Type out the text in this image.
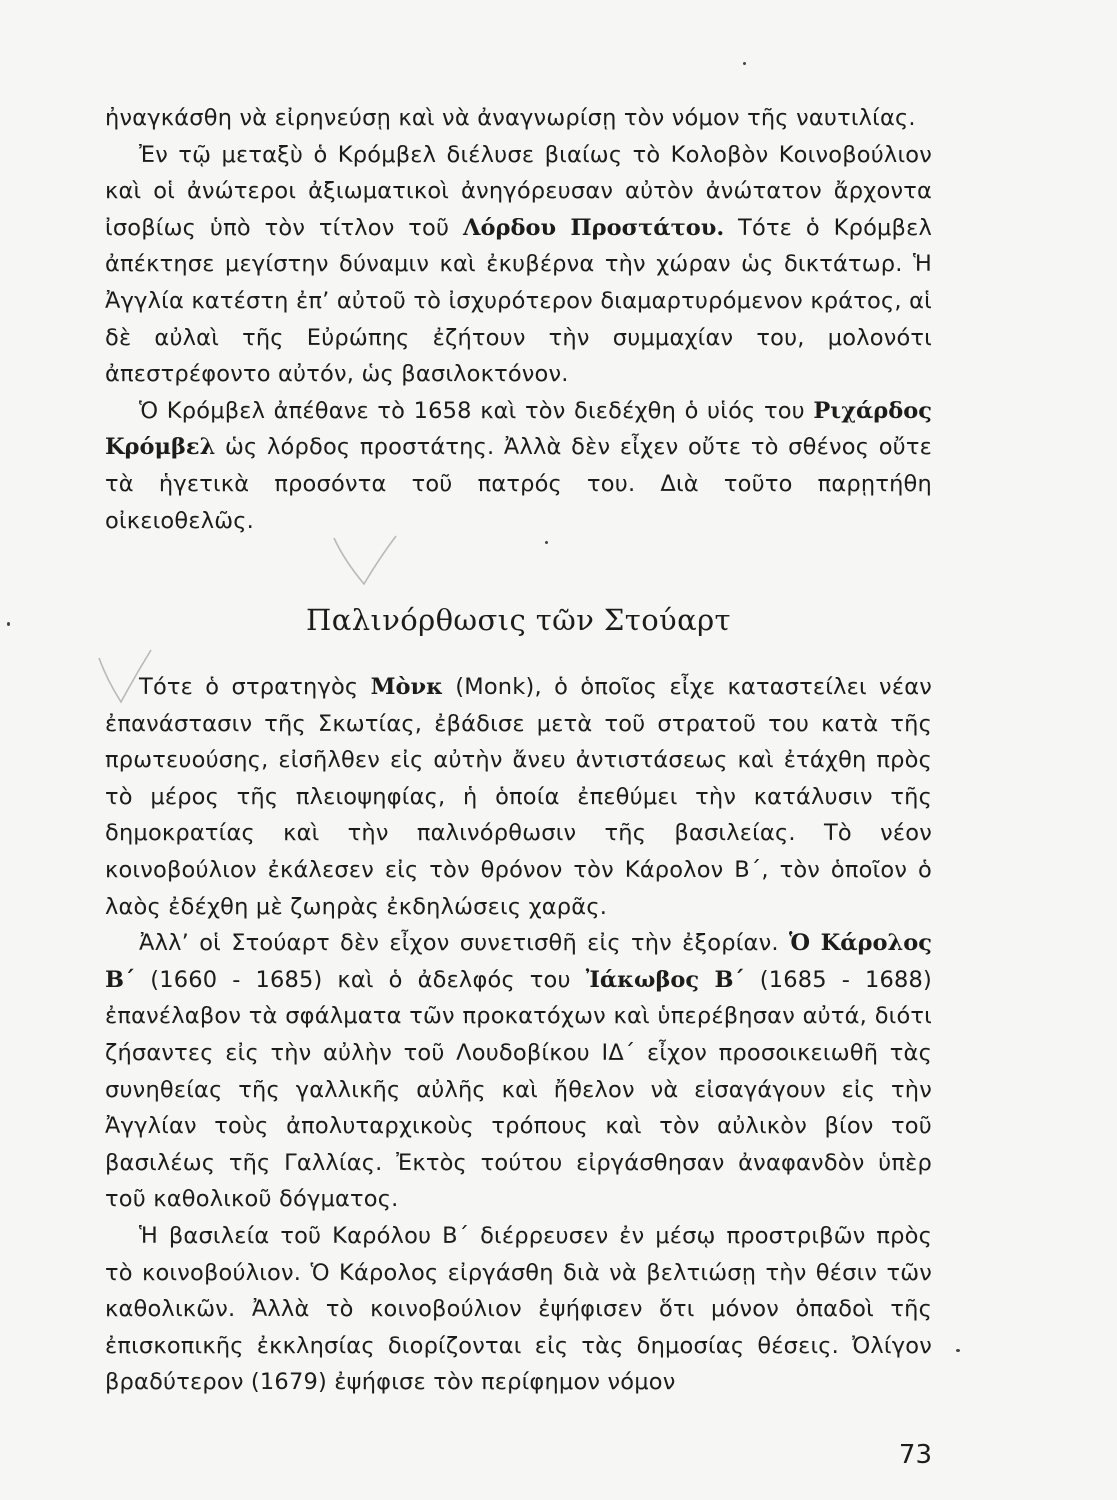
ἠναγκάσθη νὰ εἰρηνεύσῃ καὶ νὰ ἀναγνωρίσῃ τὸν νόμον τῆς ναυτιλίας.

Ἐν τῷ μεταξὺ ὁ Κρόμβελ διέλυσε βιαίως τὸ Κολοβὸν Κοινοβούλιον καὶ οἱ ἀνώτεροι ἀξιωματικοὶ ἀνηγόρευσαν αὐτὸν ἀνώτατον ἄρχοντα ἰσοβίως ὑπὸ τὸν τίτλον τοῦ Λόρδου Προστάτου. Τότε ὁ Κρόμβελ ἀπέκτησε μεγίστην δύναμιν καὶ ἐκυβέρνα τὴν χώραν ὡς δικτάτωρ. Ἡ Ἀγγλία κατέστη ἐπ’ αὐτοῦ τὸ ἰσχυρότερον διαμαρτυρόμενον κράτος, αἱ δὲ αὐλαὶ τῆς Εὐρώπης ἐζήτουν τὴν συμμαχίαν του, μολονότι ἀπεστρέφοντο αὐτόν, ὡς βασιλοκτόνον.

Ὁ Κρόμβελ ἀπέθανε τὸ 1658 καὶ τὸν διεδέχθη ὁ υἱός του Ριχάρδος Κρόμβελ ὡς λόρδος προστάτης. Ἀλλὰ δὲν εἶχεν οὔτε τὸ σθένος οὔτε τὰ ἡγετικὰ προσόντα τοῦ πατρός του. Διὰ τοῦτο παρῃτήθη οἰκειοθελῶς.

Παλινόρθωσις τῶν Στούαρτ

Τότε ὁ στρατηγὸς Μὸνκ (Monk), ὁ ὁποῖος εἶχε καταστείλει νέαν ἐπανάστασιν τῆς Σκωτίας, ἐβάδισε μετὰ τοῦ στρατοῦ του κατὰ τῆς πρωτευούσης, εἰσῆλθεν εἰς αὐτὴν ἄνευ ἀντιστάσεως καὶ ἐτάχθη πρὸς τὸ μέρος τῆς πλειοψηφίας, ἡ ὁποία ἐπεθύμει τὴν κατάλυσιν τῆς δημοκρατίας καὶ τὴν παλινόρθωσιν τῆς βασιλείας. Τὸ νέον κοινοβούλιον ἐκάλεσεν εἰς τὸν θρόνον τὸν Κάρολον Β΄, τὸν ὁποῖον ὁ λαὸς ἐδέχθη μὲ ζωηρὰς ἐκδηλώσεις χαρᾶς.

Ἀλλ’ οἱ Στούαρτ δὲν εἶχον συνετισθῆ εἰς τὴν ἐξορίαν. Ὁ Κάρολος Β΄ (1660 - 1685) καὶ ὁ ἀδελφός του Ἰάκωβος Β΄ (1685 - 1688) ἐπανέλαβον τὰ σφάλματα τῶν προκατόχων καὶ ὑπερέβησαν αὐτά, διότι ζήσαντες εἰς τὴν αὐλὴν τοῦ Λουδοβίκου ΙΔ΄ εἶχον προσοικειωθῆ τὰς συνηθείας τῆς γαλλικῆς αὐλῆς καὶ ἤθελον νὰ εἰσαγάγουν εἰς τὴν Ἀγγλίαν τοὺς ἀπολυταρχικοὺς τρόπους καὶ τὸν αὐλικὸν βίον τοῦ βασιλέως τῆς Γαλλίας. Ἐκτὸς τούτου εἰργάσθησαν ἀναφανδὸν ὑπὲρ τοῦ καθολικοῦ δόγματος.

Ἡ βασιλεία τοῦ Καρόλου Β΄ διέρρευσεν ἐν μέσῳ προστριβῶν πρὸς τὸ κοινοβούλιον. Ὁ Κάρολος εἰργάσθη διὰ νὰ βελτιώσῃ τὴν θέσιν τῶν καθολικῶν. Ἀλλὰ τὸ κοινοβούλιον ἐψήφισεν ὅτι μόνον ὀπαδοὶ τῆς ἐπισκοπικῆς ἐκκλησίας διορίζονται εἰς τὰς δημοσίας θέσεις. Ὀλίγον βραδύτερον (1679) ἐψήφισε τὸν περίφημον νόμον

73
